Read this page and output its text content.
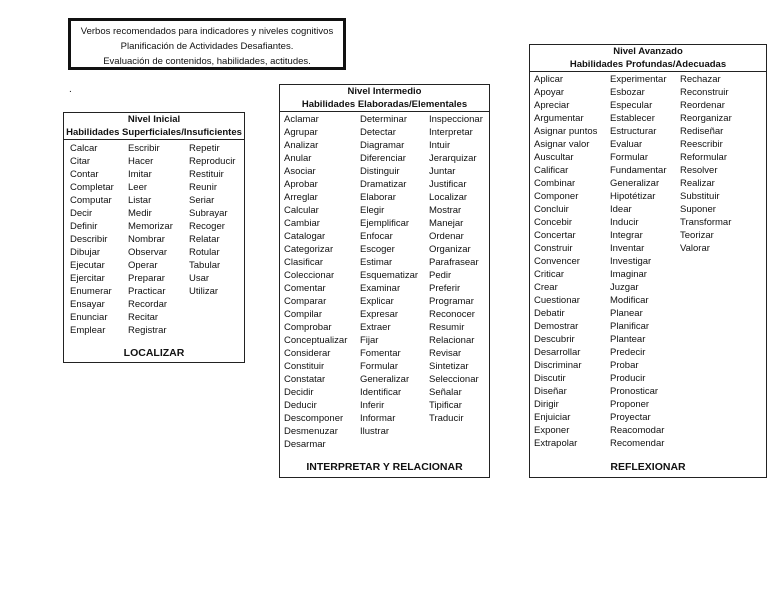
Verbos recomendados para indicadores y niveles cognitivos
Planificación de Actividades Desafiantes.
Evaluación de contenidos, habilidades, actitudes.
.
Nivel Inicial
Habilidades Superficiales/Insuficientes
Calcar
Citar
Contar
Completar
Computar
Decir
Definir
Describir
Dibujar
Ejecutar
Ejercitar
Enumerar
Ensayar
Enunciar
Emplear
Escribir
Hacer
Imitar
Leer
Listar
Medir
Memorizar
Nombrar
Observar
Operar
Preparar
Practicar
Recordar
Recitar
Registrar
Repetir
Reproducir
Restituir
Reunir
Seriar
Subrayar
Recoger
Relatar
Rotular
Tabular
Usar
Utilizar
LOCALIZAR
Nivel Intermedio
Habilidades Elaboradas/Elementales
Aclamar
Agrupar
Analizar
Anular
Asociar
Aprobar
Arreglar
Calcular
Cambiar
Catalogar
Categorizar
Clasificar
Coleccionar
Comentar
Comparar
Compilar
Comprobar
Conceptualizar
Considerar
Constituir
Constatar
Decidir
Deducir
Descomponer
Desmenuzar
Desarmar
Determinar
Detectar
Diagramar
Diferenciar
Distinguir
Dramatizar
Elaborar
Elegir
Ejemplificar
Enfocar
Escoger
Estimar
Esquematizar
Examinar
Explicar
Expresar
Extraer
Fijar
Fomentar
Formular
Generalizar
Identificar
Inferir
Informar
Ilustrar
Inspeccionar
Interpretar
Intuir
Jerarquizar
Juntar
Justificar
Localizar
Mostrar
Manejar
Ordenar
Organizar
Parafrasear
Pedir
Preferir
Programar
Reconocer
Resumir
Relacionar
Revisar
Sintetizar
Seleccionar
Señalar
Tipificar
Traducir
INTERPRETAR Y RELACIONAR
Nivel Avanzado
Habilidades Profundas/Adecuadas
Aplicar
Apoyar
Apreciar
Argumentar
Asignar puntos
Asignar valor
Auscultar
Calificar
Combinar
Componer
Concluir
Concebir
Concertar
Construir
Convencer
Criticar
Crear
Cuestionar
Debatir
Demostrar
Descubrir
Desarrollar
Discriminar
Discutir
Diseñar
Dirigir
Enjuiciar
Exponer
Extrapolar
Experimentar
Esbozar
Especular
Establecer
Estructurar
Evaluar
Formular
Fundamentar
Generalizar
Hipotétizar
Idear
Inducir
Integrar
Inventar
Investigar
Imaginar
Juzgar
Modificar
Planear
Planificar
Plantear
Predecir
Probar
Producir
Pronosticar
Proponer
Proyectar
Reacomodar
Recomendar
Rechazar
Reconstruir
Reordenar
Reorganizar
Rediseñar
Reescribir
Reformular
Resolver
Realizar
Substituir
Suponer
Transformar
Teorizar
Valorar
REFLEXIONAR
